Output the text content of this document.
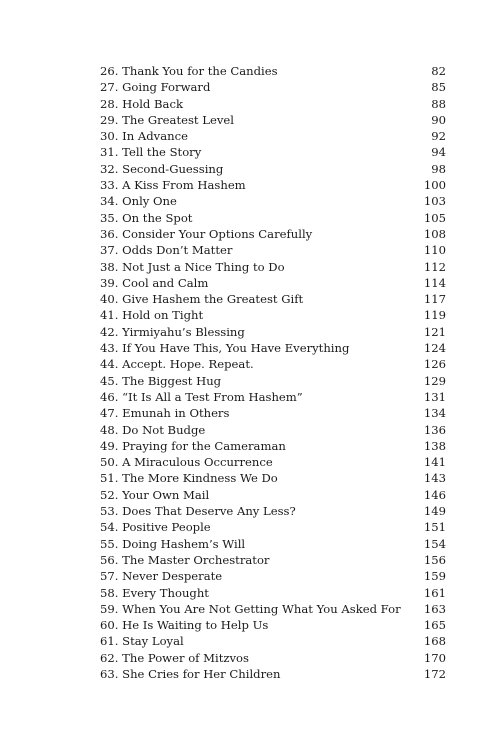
26. Thank You for the Candies	82
27. Going Forward	85
28. Hold Back	88
29. The Greatest Level	90
30. In Advance	92
31. Tell the Story	94
32. Second-Guessing	98
33. A Kiss From Hashem	100
34. Only One	103
35. On the Spot	105
36. Consider Your Options Carefully	108
37. Odds Don’t Matter	110
38. Not Just a Nice Thing to Do	112
39. Cool and Calm	114
40. Give Hashem the Greatest Gift	117
41. Hold on Tight	119
42. Yirmiyahu’s Blessing	121
43. If You Have This, You Have Everything	124
44. Accept. Hope. Repeat.	126
45. The Biggest Hug	129
46. “It Is All a Test From Hashem”	131
47. Emunah in Others	134
48. Do Not Budge	136
49. Praying for the Cameraman	138
50. A Miraculous Occurrence	141
51. The More Kindness We Do	143
52. Your Own Mail	146
53. Does That Deserve Any Less?	149
54. Positive People	151
55. Doing Hashem’s Will	154
56. The Master Orchestrator	156
57. Never Desperate	159
58. Every Thought	161
59. When You Are Not Getting What You Asked For	163
60. He Is Waiting to Help Us	165
61. Stay Loyal	168
62. The Power of Mitzvos	170
63. She Cries for Her Children	172
